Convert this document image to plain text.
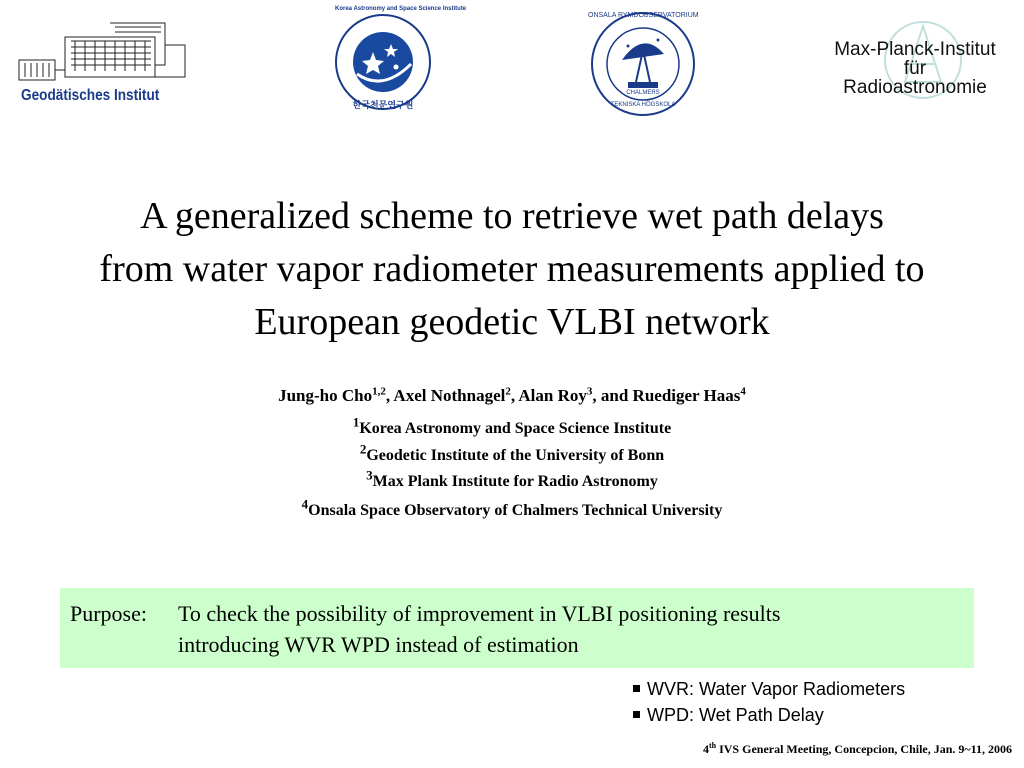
Geodätisches Institut
Korea Astronomy and Space Science Institute
한국천문연구원
ONSALA RYMDOBSERVATORIUM
CHALMERS
TEKNISKA HÖGSKOLA
Max-Planck-Institut
für
Radioastronomie
A generalized scheme to retrieve wet path delays
from water vapor radiometer measurements applied to
European geodetic VLBI network
Jung-ho Cho$^{1,2}$, Axel Nothnagel$^2$, Alan Roy$^3$, and Ruediger Haas$^4$
$^1$Korea Astronomy and Space Science Institute
$^2$Geodetic Institute of the University of Bonn
$^3$Max Plank Institute for Radio Astronomy
$^4$Onsala Space Observatory of Chalmers Technical University
Purpose:	To check the possibility of improvement in VLBI positioning results
introducing WVR WPD instead of estimation
WVR: Water Vapor Radiometers
WPD: Wet Path Delay
4th IVS General Meeting, Concepcion, Chile, Jan. 9~11, 2006
